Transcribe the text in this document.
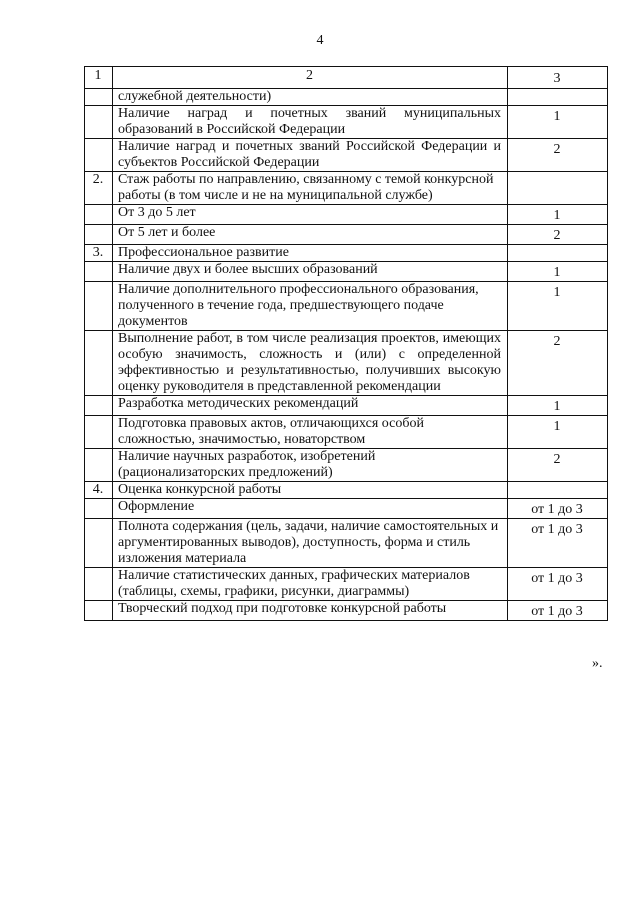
4
1	2	3
	служебной деятельности)	
	Наличие наград и почетных званий муниципальных образований в Российской Федерации	1
	Наличие наград и почетных званий Российской Федерации и субъектов Российской Федерации	2
2.	Стаж работы по направлению, связанному с темой конкурсной работы (в том числе и не на муниципальной службе)	
	От 3 до 5 лет	1
	От 5 лет и более	2
3.	Профессиональное развитие	
	Наличие двух и более высших образований	1
	Наличие дополнительного профессионального образования, полученного в течение года, предшествующего подаче документов	1
	Выполнение работ, в том числе реализация проектов, имеющих особую значимость, сложность и (или) с определенной эффективностью и результативностью, получивших высокую оценку руководителя в представленной рекомендации	2
	Разработка методических рекомендаций	1
	Подготовка правовых актов, отличающихся особой сложностью, значимостью, новаторством	1
	Наличие научных разработок, изобретений (рационализаторских предложений)	2
4.	Оценка конкурсной работы	
	Оформление	от 1 до 3
	Полнота содержания (цель, задачи, наличие самостоятельных и аргументированных выводов), доступность, форма и стиль изложения материала	от 1 до 3
	Наличие статистических данных, графических материалов (таблицы, схемы, графики, рисунки, диаграммы)	от 1 до 3
	Творческий подход при подготовке конкурсной работы	от 1 до 3
».
